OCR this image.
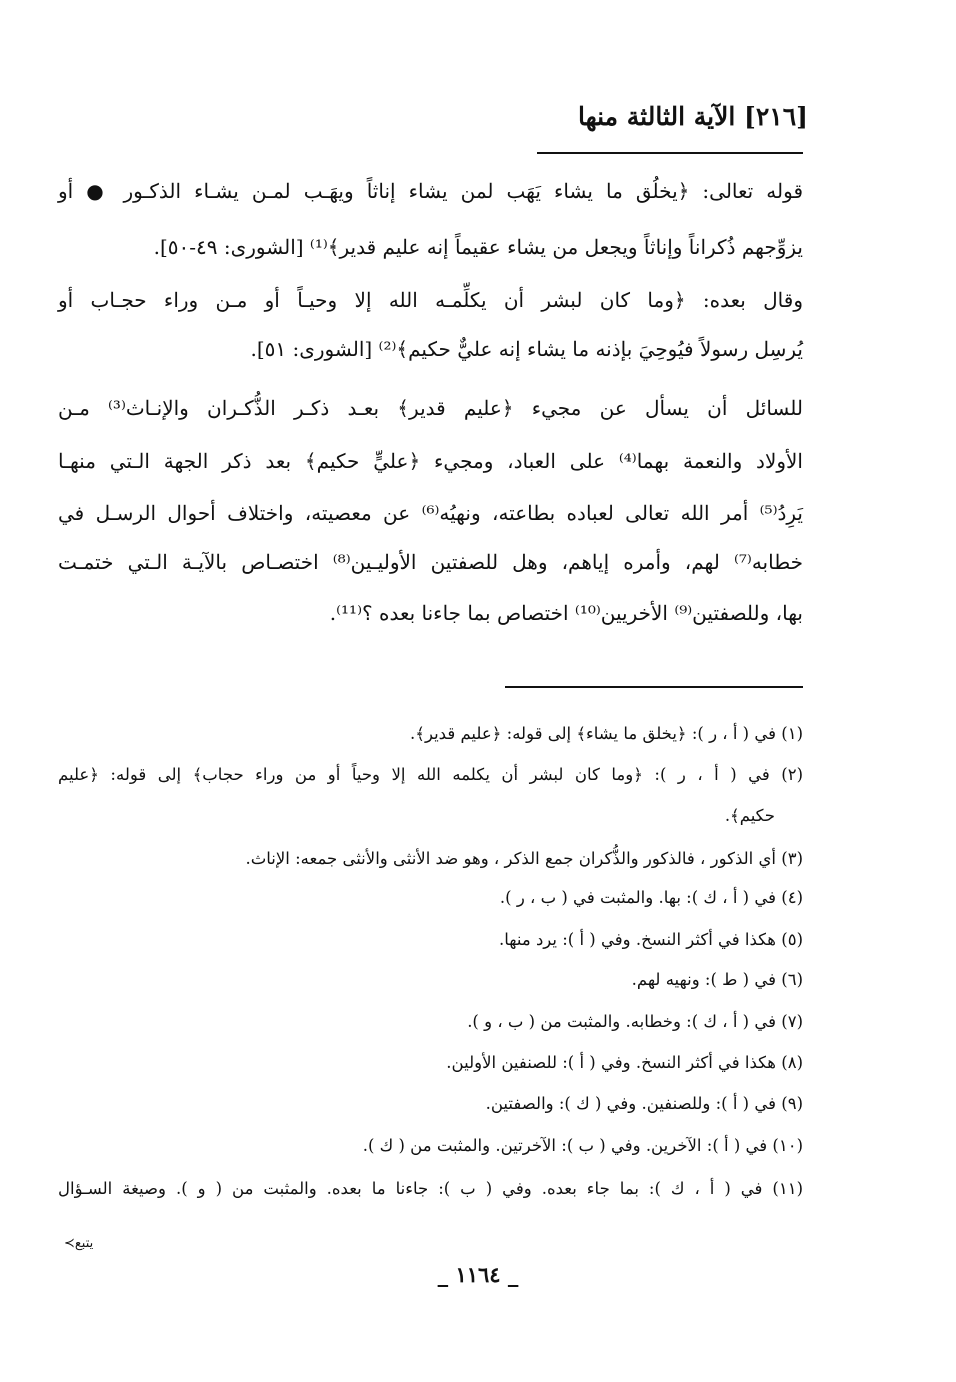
[٢١٦] الآية الثالثة منها
قوله تعالى: ﴿يخلُق ما يشاء يَهَب لمن يشاء إناثاً ويهَـب لمـن يشـاء الذكـور ● أو
يزوِّجهم ذُكراناً وإناثاً ويجعل من يشاء عقيماً إنه عليم قدير﴾⁽¹⁾ [الشورى: ٤٩-٥٠].
وقال بعده: ﴿وما كان لبشر أن يكلِّمـه الله إلا وحيـاً أو مـن وراء حجـاب أو
يُرسِل رسولاً فيُوحِيَ بإذنه ما يشاء إنه عليٌّ حكيم﴾⁽²⁾ [الشورى: ٥١].
للسائل أن يسأل عن مجيء ﴿عليم قدير﴾ بعـد ذكـر الذُّكـران والإنـاث⁽³⁾ مـن
الأولاد والنعمة بهما⁽⁴⁾ على العباد، ومجيء ﴿عليٍّ حكيم﴾ بعد ذكر الجهة الـتي منهـا
يَرِدُ⁽⁵⁾ أمر الله تعالى لعباده بطاعته، ونهيُه⁽⁶⁾ عن معصيته، واختلاف أحوال الرسـل في
خطابه⁽⁷⁾ لهم، وأمره إياهم، وهل للصفتين الأوليـين⁽⁸⁾ اختصـاص بالآيـة الـتي ختمـت
بها، وللصفتين⁽⁹⁾ الأخريين⁽¹⁰⁾ اختصاص بما جاءنا بعده ؟⁽¹¹⁾.
(١) في ( أ ، ر ): ﴿يخلق ما يشاء﴾ إلى قوله: ﴿عليم قدير﴾.
(٢) في ( أ ، ر ): ﴿وما كان لبشر أن يكلمه الله إلا وحياً أو من وراء حجاب﴾ إلى قوله: ﴿عليم
حكيم﴾.
(٣) أي الذكور ، فالذكور والذُّكران جمع الذكر ، وهو ضد الأنثى والأنثى جمعه: الإناث.
(٤) في ( أ ، ك ): بها. والمثبت في ( ب ، ر ).
(٥) هكذا في أكثر النسخ. وفي ( أ ): يرد منها.
(٦) في ( ط ): ونهيه لهم.
(٧) في ( أ ، ك ): وخطابه. والمثبت من ( ب ، و ).
(٨) هكذا في أكثر النسخ. وفي ( أ ): للصنفين الأولين.
(٩) في ( أ ): وللصنفين. وفي ( ك ): والصفتين.
(١٠) في ( أ ): الآخرين. وفي ( ب ): الآخرتين. والمثبت من ( ك ).
(١١) في ( أ ، ك ): بما جاء بعده. وفي ( ب ): جاءنا ما بعده. والمثبت من ( و ). وصيغة السـؤال
يتبع≻
_ ١١٦٤ _
